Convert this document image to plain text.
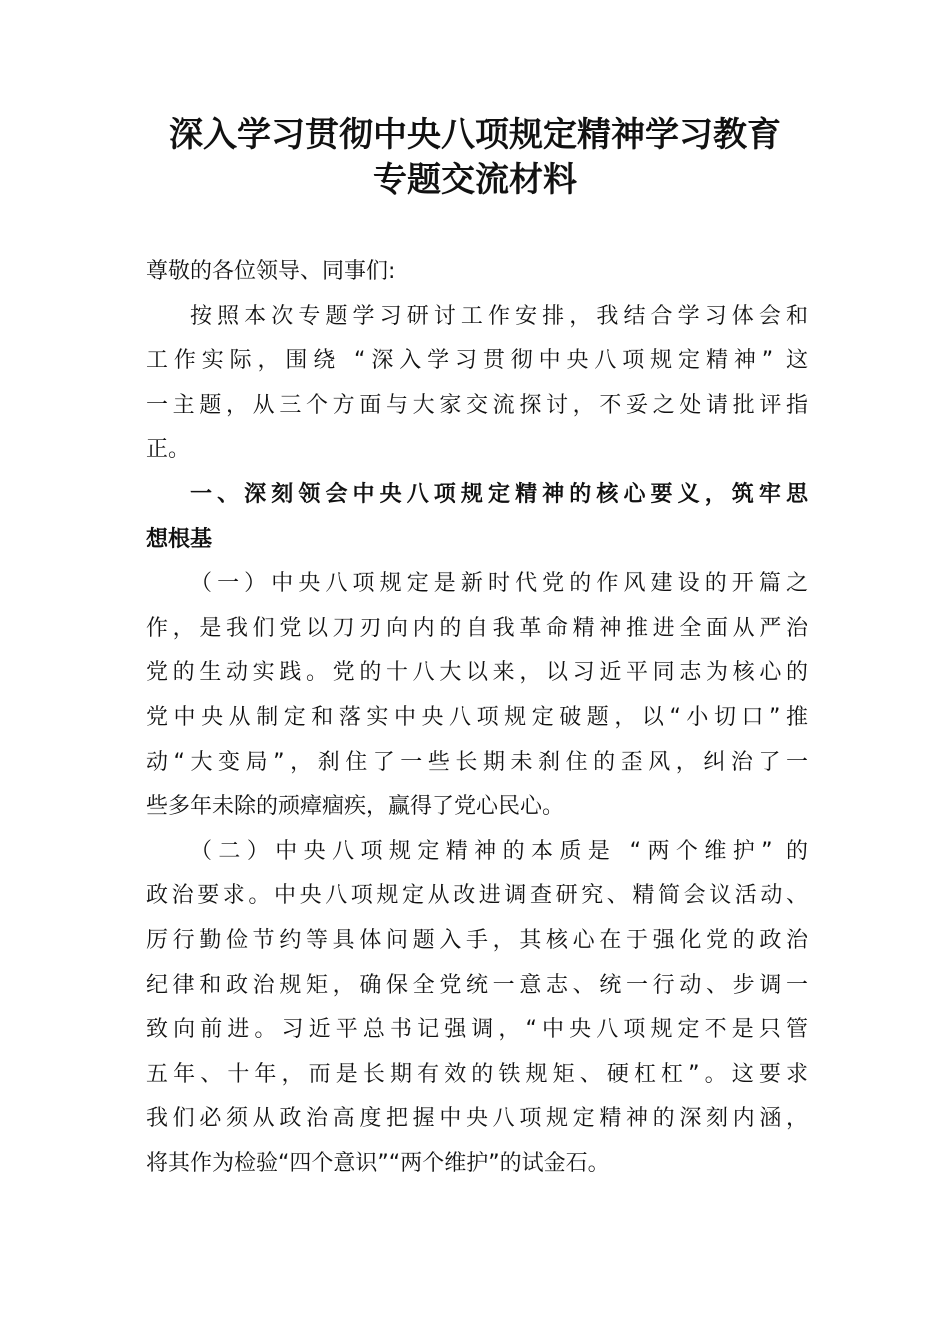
深入学习贯彻中央八项规定精神学习教育
专题交流材料
尊敬的各位领导、同事们:
按照本次专题学习研讨工作安排，我结合学习体会和
工作实际，围绕 “深入学习贯彻中央八项规定精神” 这
一主题，从三个方面与大家交流探讨，不妥之处请批评指
正。
一、深刻领会中央八项规定精神的核心要义，筑牢思
想根基
（一）中央八项规定是新时代党的作风建设的开篇之
作，是我们党以刀刃向内的自我革命精神推进全面从严治
党的生动实践。党的十八大以来，以习近平同志为核心的
党中央从制定和落实中央八项规定破题，以“小切口”推
动“大变局”，刹住了一些长期未刹住的歪风，纠治了一
些多年未除的顽瘴痼疾，赢得了党心民心。
（二）中央八项规定精神的本质是 “两个维护” 的
政治要求。中央八项规定从改进调查研究、精简会议活动、
厉行勤俭节约等具体问题入手，其核心在于强化党的政治
纪律和政治规矩，确保全党统一意志、统一行动、步调一
致向前进。习近平总书记强调，“中央八项规定不是只管
五年、十年，而是长期有效的铁规矩、硬杠杠”。这要求
我们必须从政治高度把握中央八项规定精神的深刻内涵，
将其作为检验“四个意识”“两个维护”的试金石。
